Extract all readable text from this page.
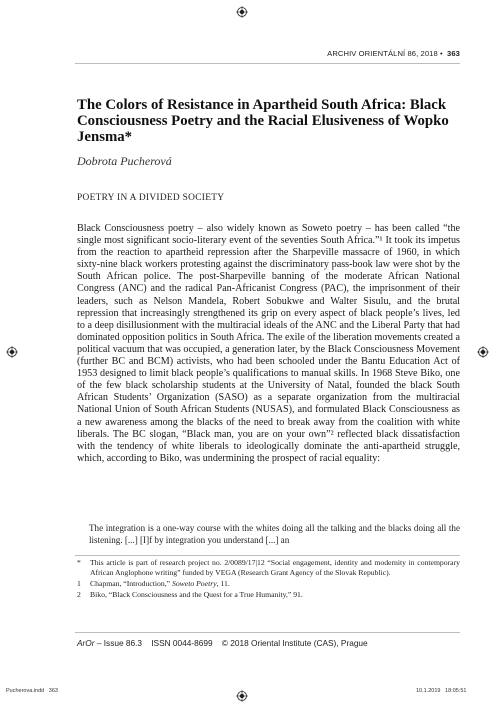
ARCHIV ORIENTÁLNÍ 86, 2018 • 363
The Colors of Resistance in Apartheid South Africa: Black Consciousness Poetry and the Racial Elusiveness of Wopko Jensma*
Dobrota Pucherová
POETRY IN A DIVIDED SOCIETY

Black Consciousness poetry – also widely known as Soweto poetry – has been called “the single most significant socio-literary event of the seventies South Africa.”¹ It took its impetus from the reaction to apartheid repression after the Sharpeville massacre of 1960, in which sixty-nine black workers protesting against the discriminatory pass-book law were shot by the South African police. The post-Sharpeville banning of the moderate African National Congress (ANC) and the radical Pan-Africanist Congress (PAC), the imprisonment of their leaders, such as Nelson Mandela, Robert Sobukwe and Walter Sisulu, and the brutal repression that increasingly strengthened its grip on every aspect of black people’s lives, led to a deep disillusionment with the multiracial ideals of the ANC and the Liberal Party that had dominated opposition politics in South Africa. The exile of the liberation movements created a political vacuum that was occupied, a generation later, by the Black Consciousness Movement (further BC and BCM) activists, who had been schooled under the Bantu Education Act of 1953 designed to limit black people’s qualifications to manual skills. In 1968 Steve Biko, one of the few black scholarship students at the University of Natal, founded the black South African Students’ Organization (SASO) as a separate organization from the multiracial National Union of South African Students (NUSAS), and formulated Black Consciousness as a new awareness among the blacks of the need to break away from the coalition with white liberals. The BC slogan, “Black man, you are on your own”² reflected black dissatisfaction with the tendency of white liberals to ideologically dominate the anti-apartheid struggle, which, according to Biko, was undermining the prospect of racial equality:

The integration is a one-way course with the whites doing all the talking and the blacks doing all the listening. [...] [I]f by integration you understand [...] an

* This article is part of research project no. 2/0089/17|12 “Social engagement, identity and modernity in contemporary African Anglophone writing” funded by VEGA (Research Grant Agency of the Slovak Republic).

1 Chapman, “Introduction,” Soweto Poetry, 11.

2 Biko, “Black Consciousness and the Quest for a True Humanity,” 91.

ArOr – Issue 86.3    ISSN 0044-8699    © 2018 Oriental Institute (CAS), Prague
Pucherova.indd   363	10.1.2019   18:05:51
